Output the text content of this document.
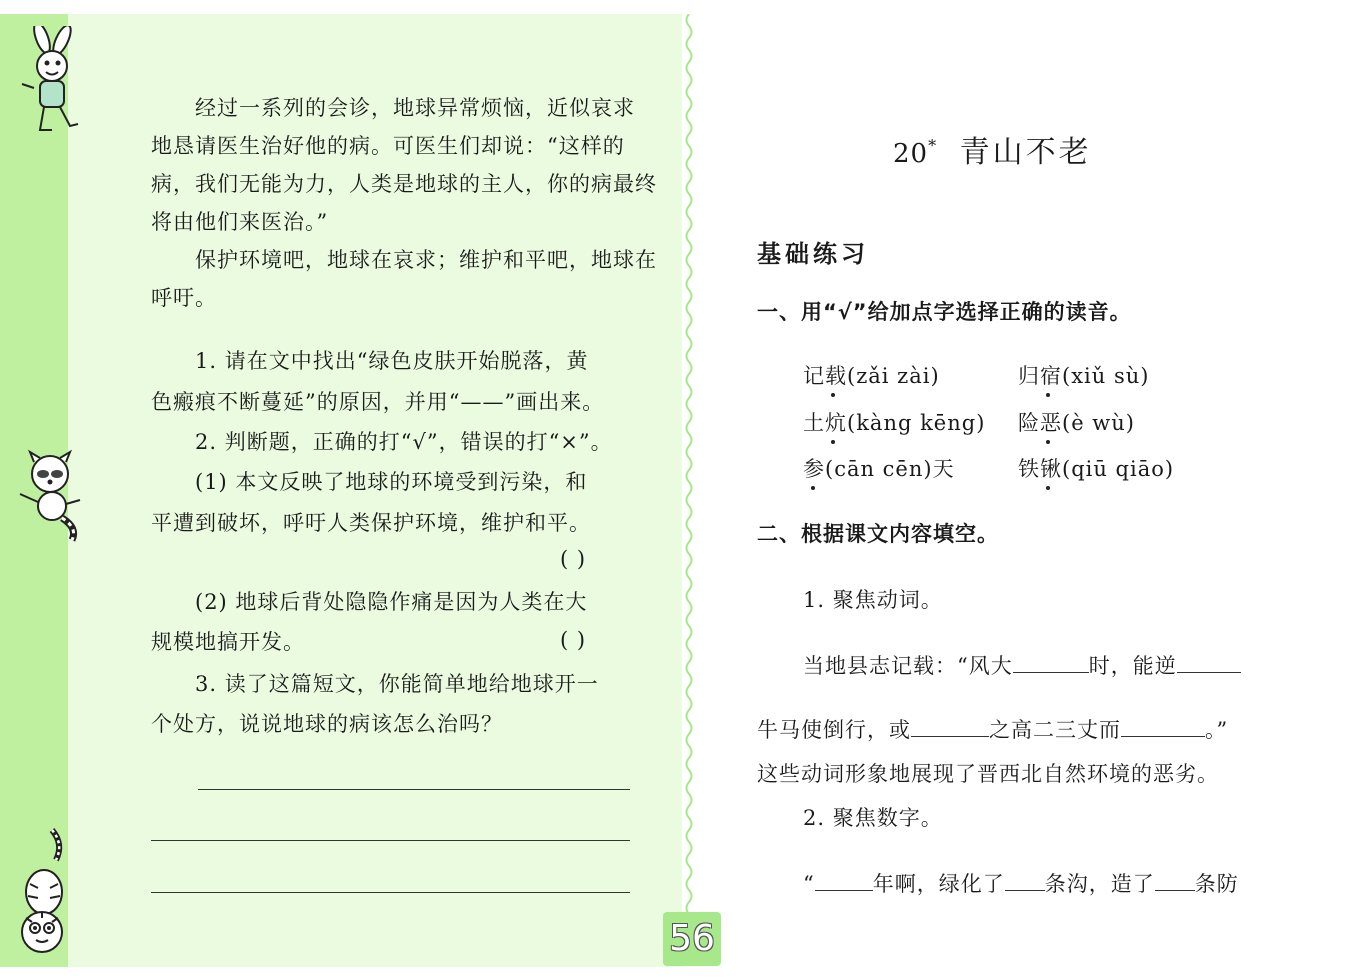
经过一系列的会诊，地球异常烦恼，近似哀求
地恳请医生治好他的病。可医生们却说：“这样的
病，我们无能为力，人类是地球的主人，你的病最终
将由他们来医治。”
保护环境吧，地球在哀求；维护和平吧，地球在
呼吁。
1. 请在文中找出“绿色皮肤开始脱落，黄
色瘢痕不断蔓延”的原因，并用“——”画出来。
2. 判断题，正确的打“√”，错误的打“×”。
(1) 本文反映了地球的环境受到污染，和
平遭到破坏，呼吁人类保护环境，维护和平。
( )
(2) 地球后背处隐隐作痛是因为人类在大
规模地搞开发。	( )
3. 读了这篇短文，你能简单地给地球开一
个处方，说说地球的病该怎么治吗？
20* 青山不老
基础练习
一、用“√”给加点字选择正确的读音。
记载(zǎi zài)	归宿(xiǔ sù)
土炕(kàng kēng) 险恶(è wù)
参(cān cēn)天	铁锹(qiū qiāo)
二、根据课文内容填空。
1. 聚焦动词。
当地县志记载：“风大	时，能逆
牛马使倒行，或	之高二三丈而	。”
这些动词形象地展现了晋西北自然环境的恶劣。
2. 聚焦数字。
“	年啊，绿化了 条沟，造了 条防
56
